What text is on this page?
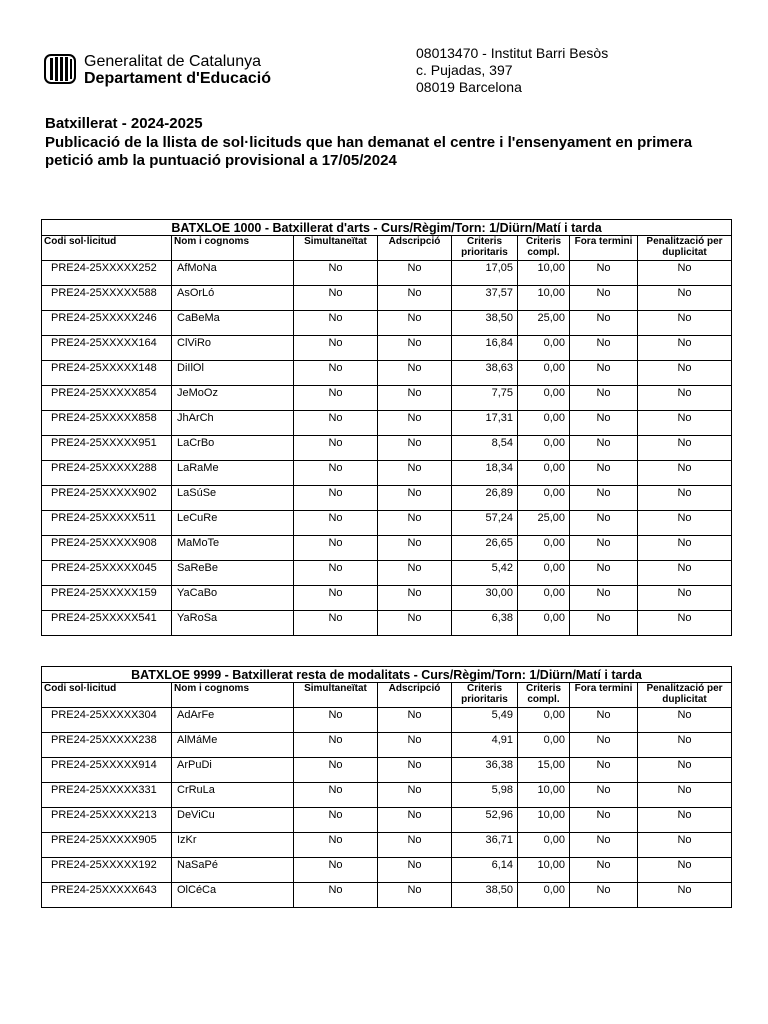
Generalitat de Catalunya
Departament d'Educació
08013470 - Institut Barri Besòs
c. Pujadas, 397
08019 Barcelona
Batxillerat - 2024-2025
Publicació de la llista de sol·licituds que han demanat el centre i l'ensenyament en primera
petició amb la puntuació provisional a 17/05/2024
BATXLOE 1000 - Batxillerat d'arts - Curs/Règim/Torn: 1/Diürn/Matí i tarda							
Codi sol·licitud	Nom i cognoms	Simultaneïtat	Adscripció	Criteris prioritaris	Criteris compl.	Fora termini	Penalització per duplicitat
PRE24-25XXXXX252	AfMoNa	No	No	17,05	10,00	No	No
PRE24-25XXXXX588	AsOrLó	No	No	37,57	10,00	No	No
PRE24-25XXXXX246	CaBeMa	No	No	38,50	25,00	No	No
PRE24-25XXXXX164	ClViRo	No	No	16,84	0,00	No	No
PRE24-25XXXXX148	DiIlOl	No	No	38,63	0,00	No	No
PRE24-25XXXXX854	JeMoOz	No	No	7,75	0,00	No	No
PRE24-25XXXXX858	JhArCh	No	No	17,31	0,00	No	No
PRE24-25XXXXX951	LaCrBo	No	No	8,54	0,00	No	No
PRE24-25XXXXX288	LaRaMe	No	No	18,34	0,00	No	No
PRE24-25XXXXX902	LaSúSe	No	No	26,89	0,00	No	No
PRE24-25XXXXX511	LeCuRe	No	No	57,24	25,00	No	No
PRE24-25XXXXX908	MaMoTe	No	No	26,65	0,00	No	No
PRE24-25XXXXX045	SaReBe	No	No	5,42	0,00	No	No
PRE24-25XXXXX159	YaCaBo	No	No	30,00	0,00	No	No
PRE24-25XXXXX541	YaRoSa	No	No	6,38	0,00	No	No
BATXLOE 9999 - Batxillerat resta de modalitats - Curs/Règim/Torn: 1/Diürn/Matí i tarda							
Codi sol·licitud	Nom i cognoms	Simultaneïtat	Adscripció	Criteris prioritaris	Criteris compl.	Fora termini	Penalització per duplicitat
PRE24-25XXXXX304	AdArFe	No	No	5,49	0,00	No	No
PRE24-25XXXXX238	AlMáMe	No	No	4,91	0,00	No	No
PRE24-25XXXXX914	ArPuDi	No	No	36,38	15,00	No	No
PRE24-25XXXXX331	CrRuLa	No	No	5,98	10,00	No	No
PRE24-25XXXXX213	DeViCu	No	No	52,96	10,00	No	No
PRE24-25XXXXX905	IzKr	No	No	36,71	0,00	No	No
PRE24-25XXXXX192	NaSaPé	No	No	6,14	10,00	No	No
PRE24-25XXXXX643	OlCéCa	No	No	38,50	0,00	No	No
